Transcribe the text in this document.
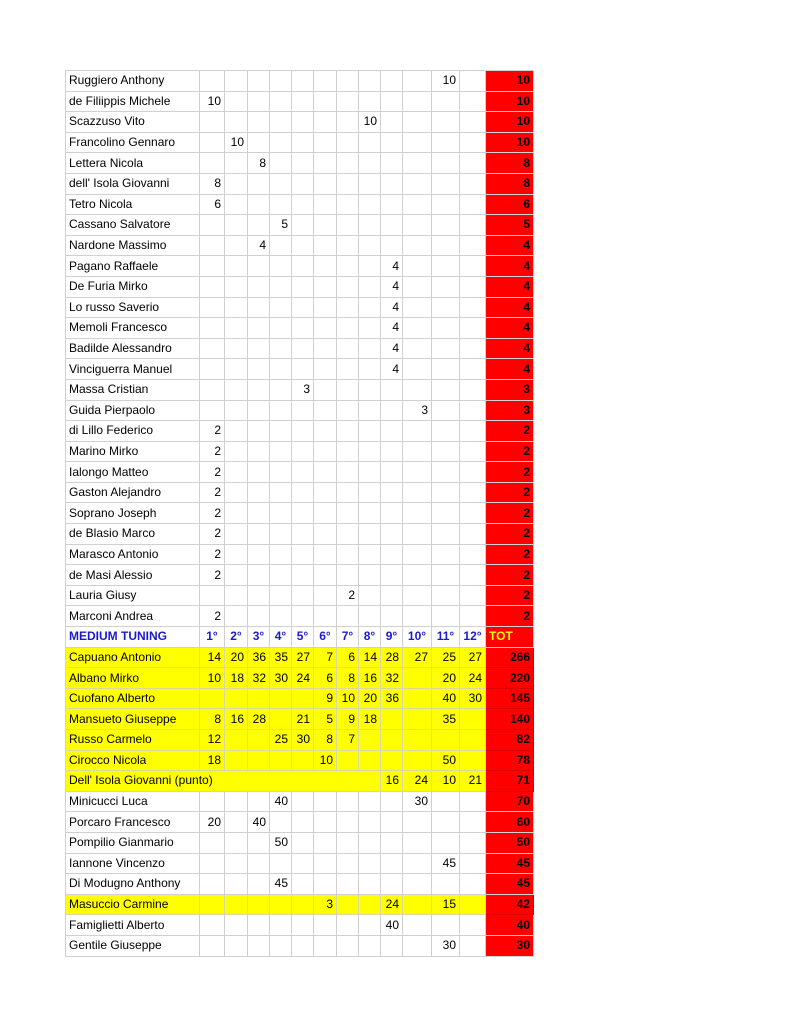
Ruggiero Anthony											10		10
de Filiippis Michele	10												10
Scazzuso Vito								10					10
Francolino Gennaro		10											10
Lettera Nicola			8										8
dell' Isola Giovanni	8												8
Tetro Nicola	6												6
Cassano Salvatore				5									5
Nardone Massimo			4										4
Pagano Raffaele									4				4
De Furia Mirko									4				4
Lo russo Saverio									4				4
Memoli Francesco									4				4
Badilde Alessandro									4				4
Vinciguerra Manuel									4				4
Massa Cristian					3								3
Guida Pierpaolo										3			3
di Lillo Federico	2												2
Marino Mirko	2												2
Ialongo Matteo	2												2
Gaston Alejandro	2												2
Soprano Joseph	2												2
de Blasio Marco	2												2
Marasco Antonio	2												2
de Masi Alessio	2												2
Lauria Giusy							2						2
Marconi Andrea	2												2
MEDIUM TUNING	1°	2°	3°	4°	5°	6°	7°	8°	9°	10°	11°	12°	TOT
Capuano Antonio	14	20	36	35	27	7	6	14	28	27	25	27	266
Albano Mirko	10	18	32	30	24	6	8	16	32		20	24	220
Cuofano Alberto						9	10	20	36		40	30	145
Mansueto Giuseppe	8	16	28		21	5	9	18			35		140
Russo Carmelo	12			25	30	8	7						82
Cirocco Nicola	18					10					50		78
Dell' Isola Giovanni (punto)									16	24	10	21	71
Minicucci Luca				40						30			70
Porcaro Francesco	20		40										60
Pompilio Gianmario				50									50
Iannone Vincenzo											45		45
Di Modugno Anthony				45									45
Masuccio Carmine						3			24		15		42
Famiglietti Alberto									40				40
Gentile Giuseppe											30		30
